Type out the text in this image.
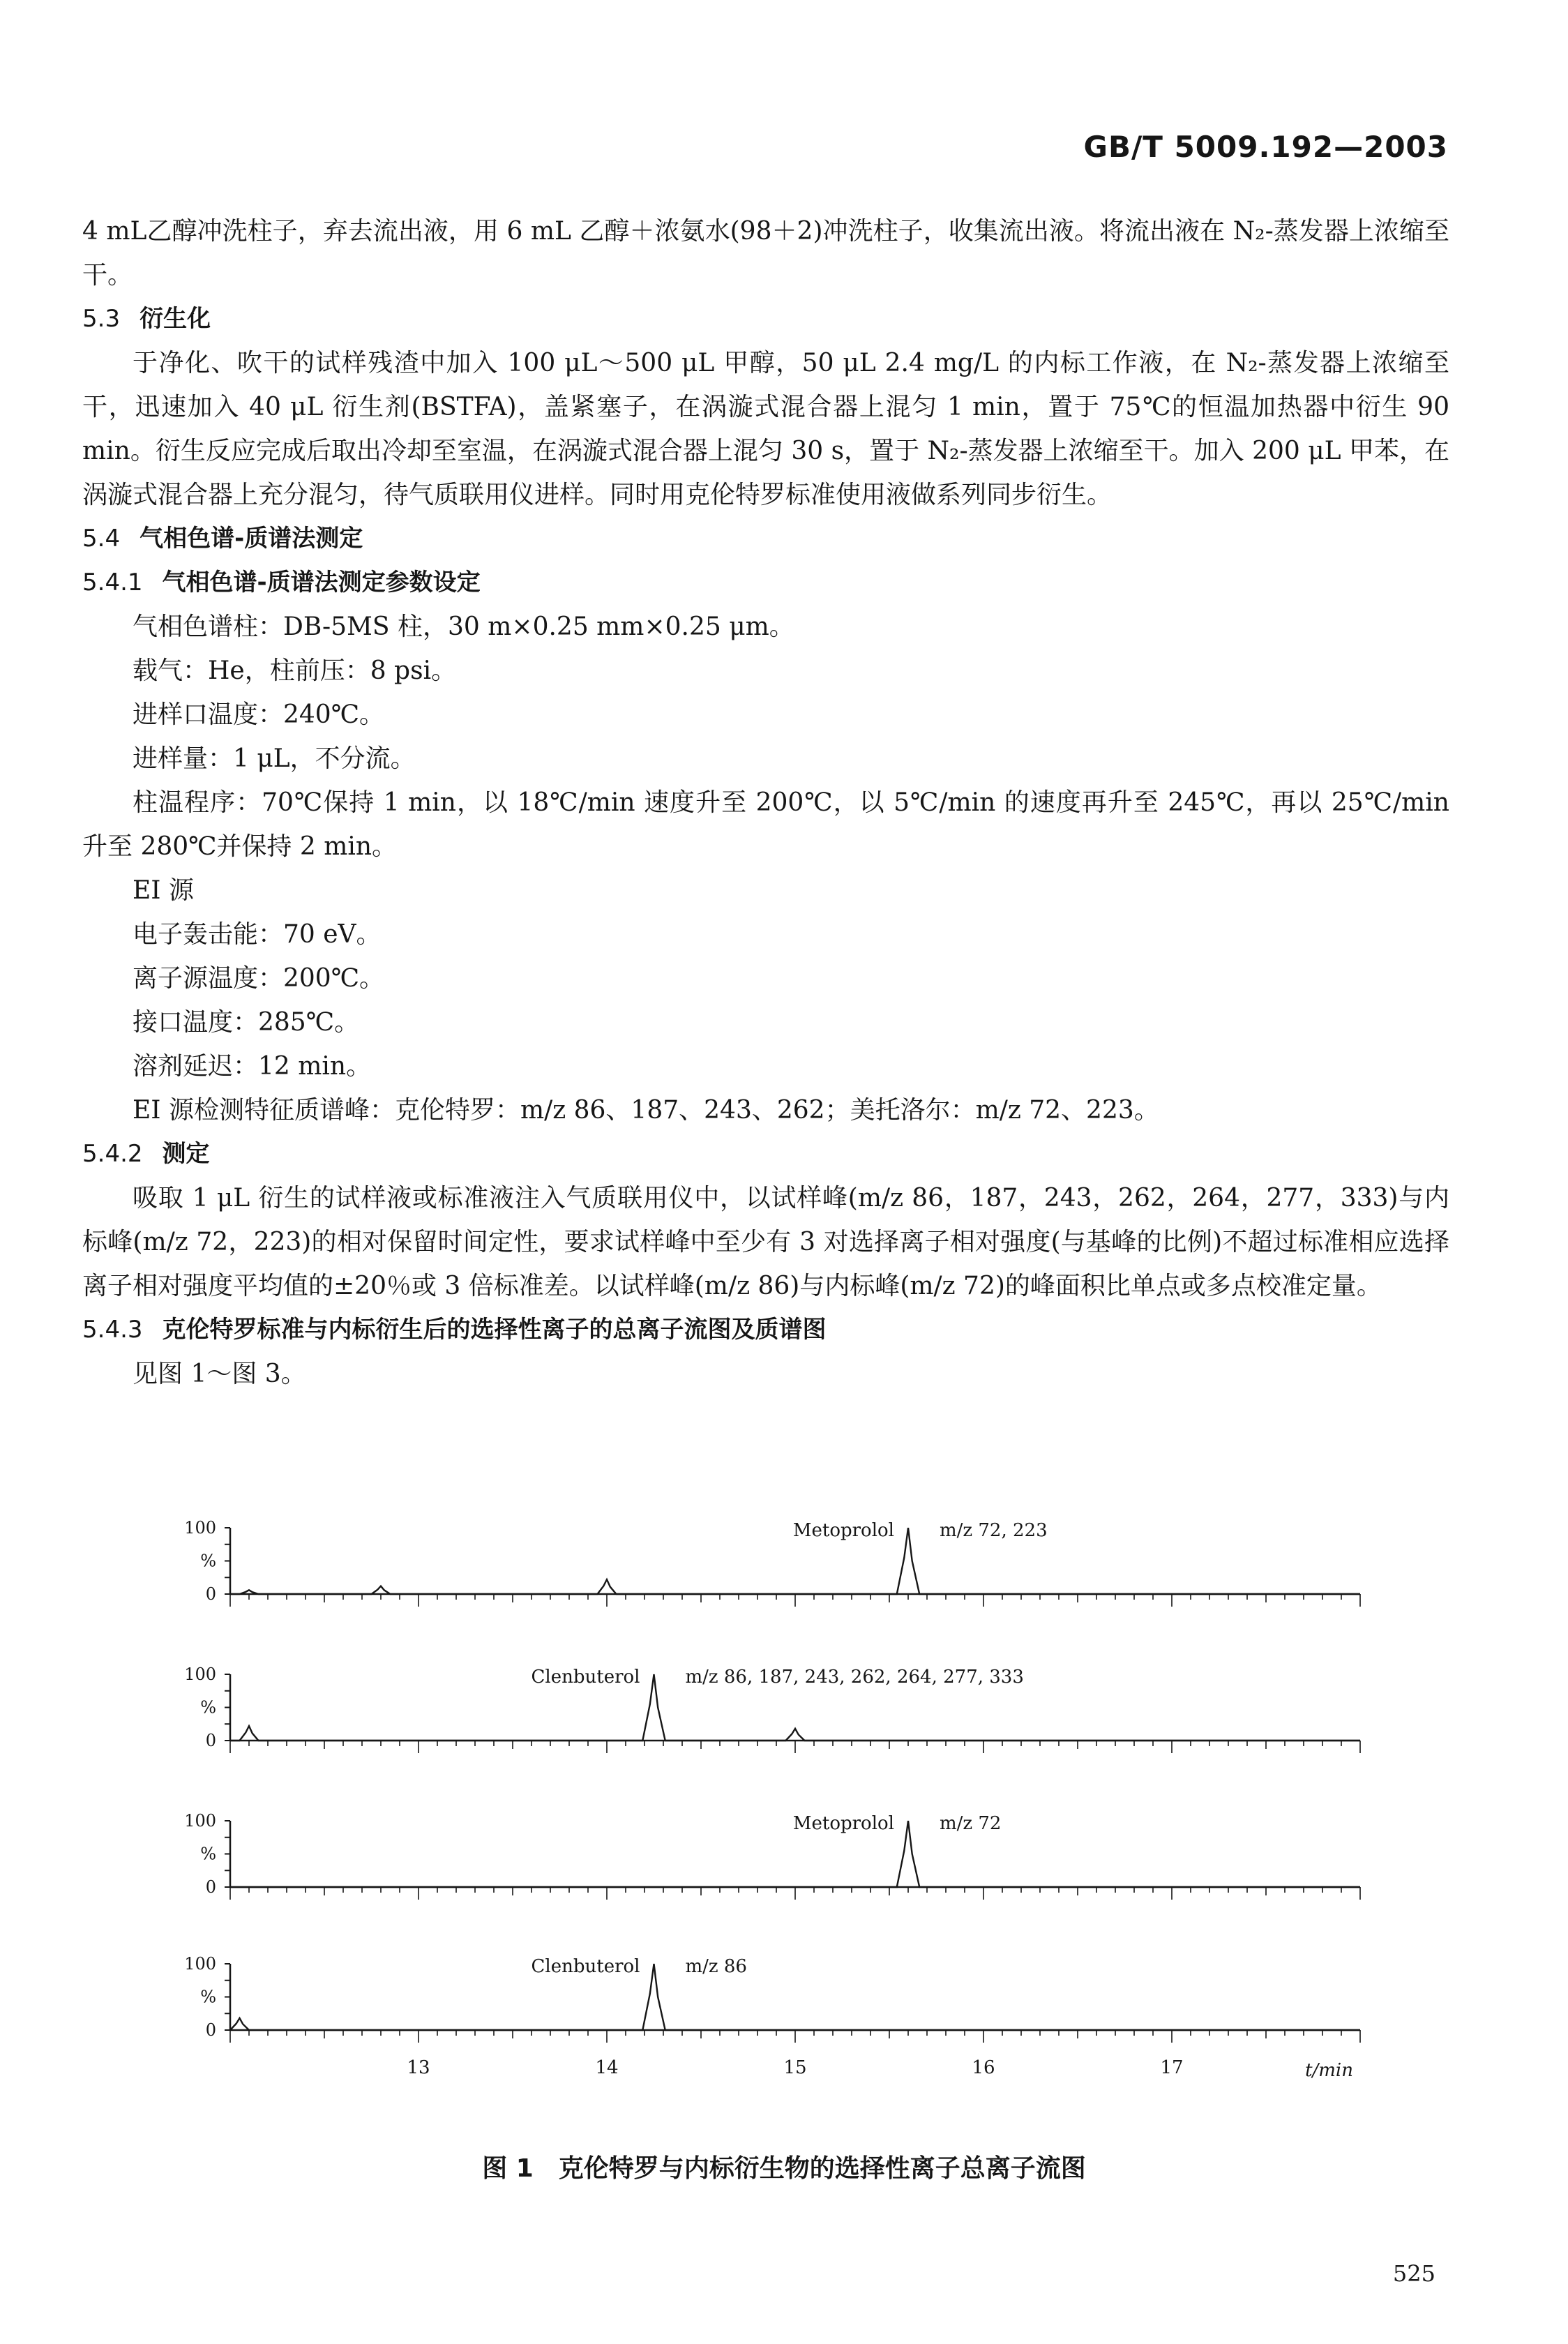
GB/T 5009.192—2003
4 mL乙醇冲洗柱子，弃去流出液，用 6 mL 乙醇＋浓氨水(98＋2)冲洗柱子，收集流出液。将流出液在 N₂-蒸发器上浓缩至干。
5.3 衍生化
于净化、吹干的试样残渣中加入 100 μL～500 μL 甲醇，50 μL 2.4 mg/L 的内标工作液，在 N₂-蒸发器上浓缩至干，迅速加入 40 μL 衍生剂(BSTFA)，盖紧塞子，在涡漩式混合器上混匀 1 min，置于 75℃的恒温加热器中衍生 90 min。衍生反应完成后取出冷却至室温，在涡漩式混合器上混匀 30 s，置于 N₂-蒸发器上浓缩至干。加入 200 μL 甲苯，在涡漩式混合器上充分混匀，待气质联用仪进样。同时用克伦特罗标准使用液做系列同步衍生。
5.4 气相色谱-质谱法测定
5.4.1 气相色谱-质谱法测定参数设定
气相色谱柱：DB-5MS 柱，30 m×0.25 mm×0.25 μm。
载气：He，柱前压：8 psi。
进样口温度：240℃。
进样量：1 μL，不分流。
柱温程序：70℃保持 1 min，以 18℃/min 速度升至 200℃，以 5℃/min 的速度再升至 245℃，再以 25℃/min 升至 280℃并保持 2 min。
EI 源
电子轰击能：70 eV。
离子源温度：200℃。
接口温度：285℃。
溶剂延迟：12 min。
EI 源检测特征质谱峰：克伦特罗：m/z 86、187、243、262；美托洛尔：m/z 72、223。
5.4.2 测定
吸取 1 μL 衍生的试样液或标准液注入气质联用仪中，以试样峰(m/z 86，187，243，262，264，277，333)与内标峰(m/z 72，223)的相对保留时间定性，要求试样峰中至少有 3 对选择离子相对强度(与基峰的比例)不超过标准相应选择离子相对强度平均值的±20％或 3 倍标准差。以试样峰(m/z 86)与内标峰(m/z 72)的峰面积比单点或多点校准定量。
5.4.3 克伦特罗标准与内标衍生后的选择性离子的总离子流图及质谱图
见图 1～图 3。
100
%
0
Metoprolol	m/z 72, 223
100
%
0
Clenbuterol	m/z 86, 187, 243, 262, 264, 277, 333
100
%
0
Metoprolol	m/z 72
100
%
0
Clenbuterol	m/z 86
13	14	15	16	17	t/min
图 1 克伦特罗与内标衍生物的选择性离子总离子流图
525
